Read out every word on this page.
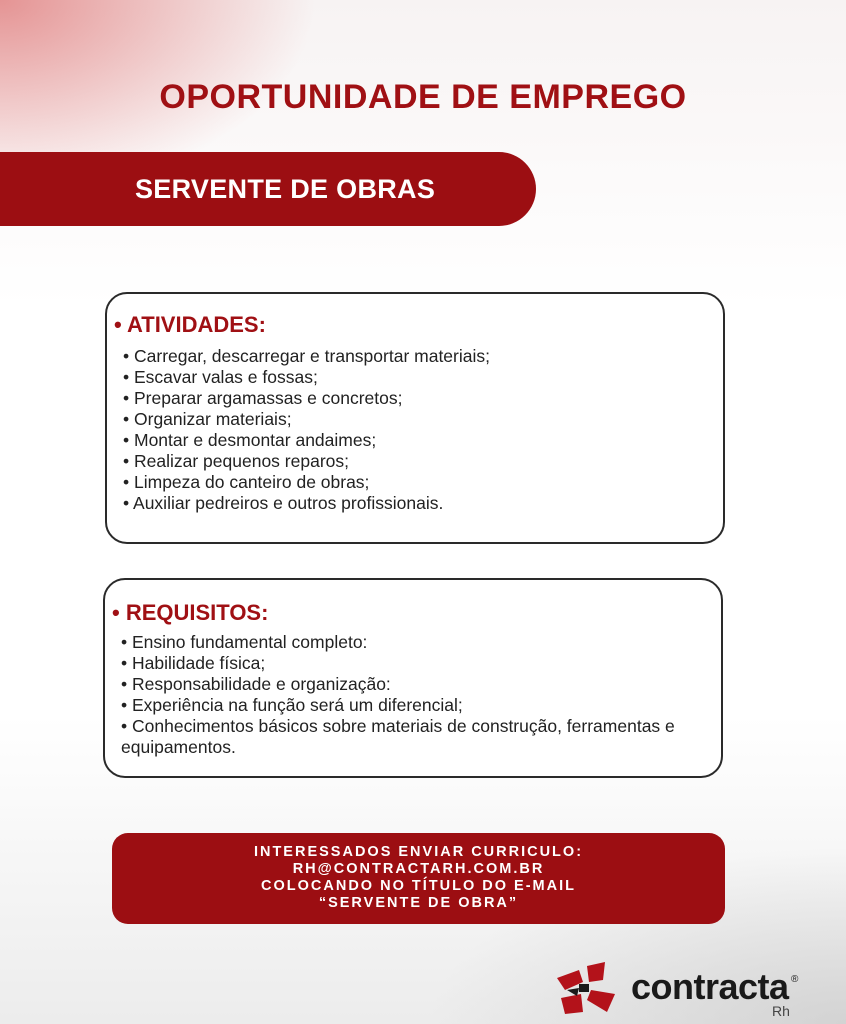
OPORTUNIDADE DE EMPREGO
SERVENTE DE OBRAS
• ATIVIDADES:
• Carregar, descarregar e transportar materiais;
• Escavar valas e fossas;
• Preparar argamassas e concretos;
• Organizar materiais;
• Montar e desmontar andaimes;
• Realizar pequenos reparos;
• Limpeza do canteiro de obras;
• Auxiliar pedreiros e outros profissionais.
• REQUISITOS:
• Ensino fundamental completo:
• Habilidade física;
• Responsabilidade e organização:
• Experiência na função será um diferencial;
• Conhecimentos básicos sobre materiais de construção, ferramentas e equipamentos.
INTERESSADOS ENVIAR CURRICULO:
RH@CONTRACTARH.COM.BR
COLOCANDO NO TÍTULO DO E-MAIL
“SERVENTE DE OBRA”
contracta ®
Rh
